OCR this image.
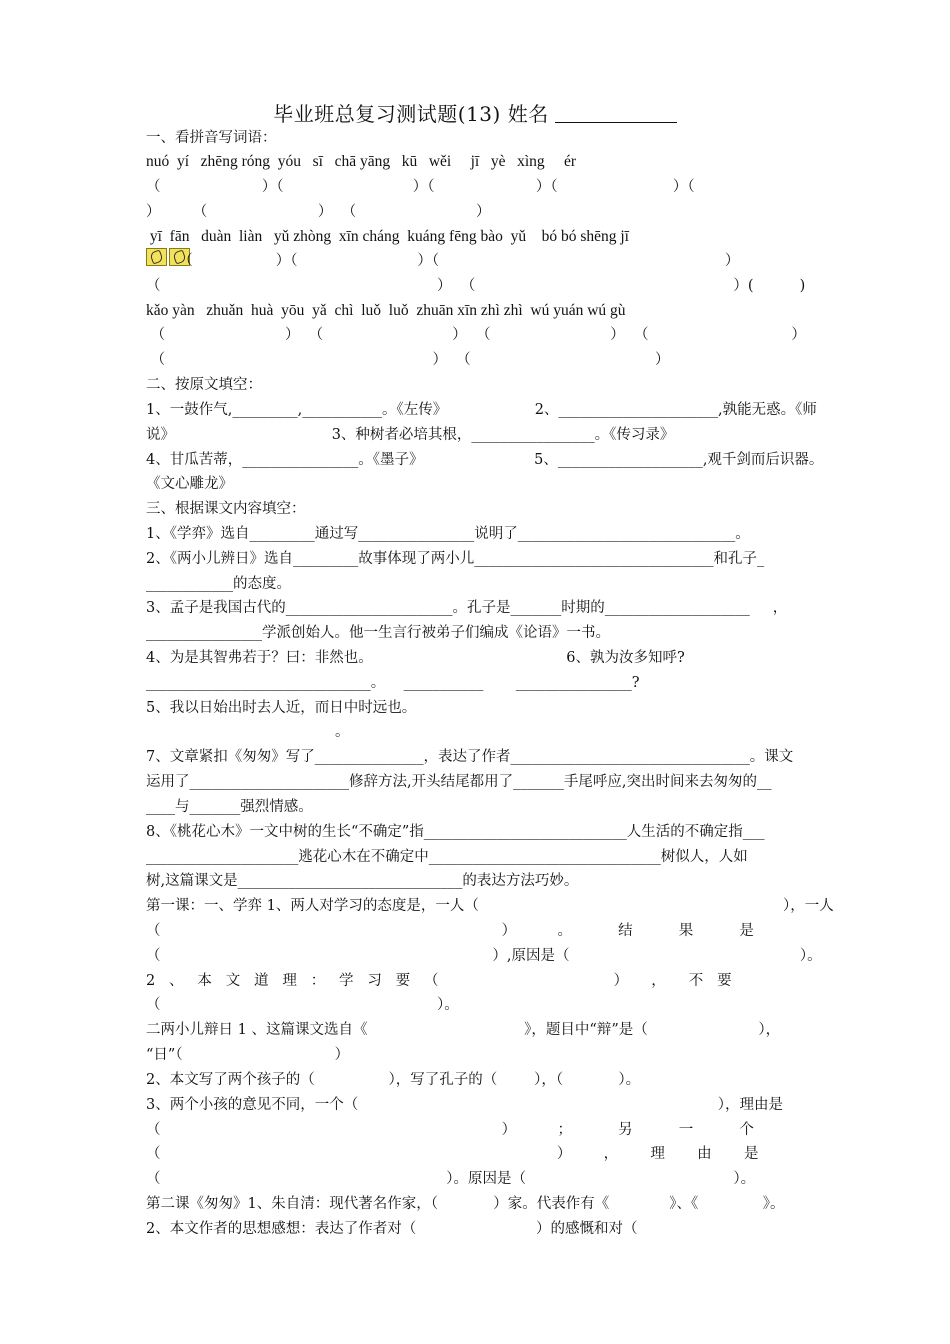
毕业班总复习测试题(13) 姓名
一、看拼音写词语：
nuó  yí   zhēng róng  yóu   sī   chā yāng   kū   wěi     jī   yè   xìng     ér
（                      ）（                            ）（                      ）（                         ）（
）       （                        ）  （                          ）
yī  fān   duàn  liàn   yǔ zhòng  xīn cháng  kuáng fēng bào  yǔ    bó bó shēng jī
（                  ）（                          ）（                                                              ）
（                                                            ）  （                                                        ）(          )
kǎo yàn   zhuǎn  huà  yōu  yǎ  chì  luǒ  luǒ  zhuān xīn zhì zhì  wú yuán wú gù
（                          ）  （                            ）  （                          ）  （                               ）
（                                                          ）  （                                        ）
二、按原文填空：
1、一鼓作气,_________,___________。《左传》                   2、______________________,孰能无惑。《师
说》                                  3、种树者必培其根，_________________。《传习录》
4、甘瓜苦蒂，________________。《墨子》                        5、____________________,观千剑而后识器。
《文心雕龙》
三、根据课文内容填空：
1、《学弈》选自_________通过写________________说明了______________________________。
2、《两小儿辨日》选自_________故事体现了两小儿_________________________________和孔子_
____________的态度。
3、孟子是我国古代的_______________________。孔子是_______时期的____________________     ，
________________学派创始人。他一生言行被弟子们编成《论语》一书。
4、为是其智弗若于？曰：非然也。                                          6、孰为汝多知呼?
_______________________________。    ___________       ________________?
5、我以日始出时去人近，而日中时远也。
。
7、文章紧扣《匆匆》写了_______________，表达了作者_________________________________。课文
运用了______________________修辞方法,开头结尾都用了_______手尾呼应,突出时间来去匆匆的__
____与_______强烈情感。
8、《桃花心木》一文中树的生长“不确定”指____________________________人生活的不确定指___
_____________________逃花心木在不确定中________________________________树似人，人如
树,这篇课文是_______________________________的表达方法巧妙。
第一课：一、学弈 1、两人对学习的态度是，一人（                                                                  ），一人
（                                                                          ）         。          结          果          是
（                                                                        ）,原因是（                                                  ）。
2   、   本   文   道   理   ：   学   习   要   （                                      ）     ，     不   要
（                                                            ）。
二两小儿辩日 1 、这篇课文选自《                                  》，题目中“辩”是（                        ），
“日”（                                 ）
2、本文写了两个孩子的（                ），写了孔子的（        ），（            ）。
3、两个小孩的意见不同，一个（                                                                              ），理由是
（                                                                          ）         ；          另          一          个
（                                                                                      ）       ，       理       由       是
（                                                              ）。原因是（                                             ）。
第二课《匆匆》1、朱自清：现代著名作家，（            ）家。代表作有《             》、《              》。
2、本文作者的思想感想：表达了作者对（                          ）的感慨和对（
